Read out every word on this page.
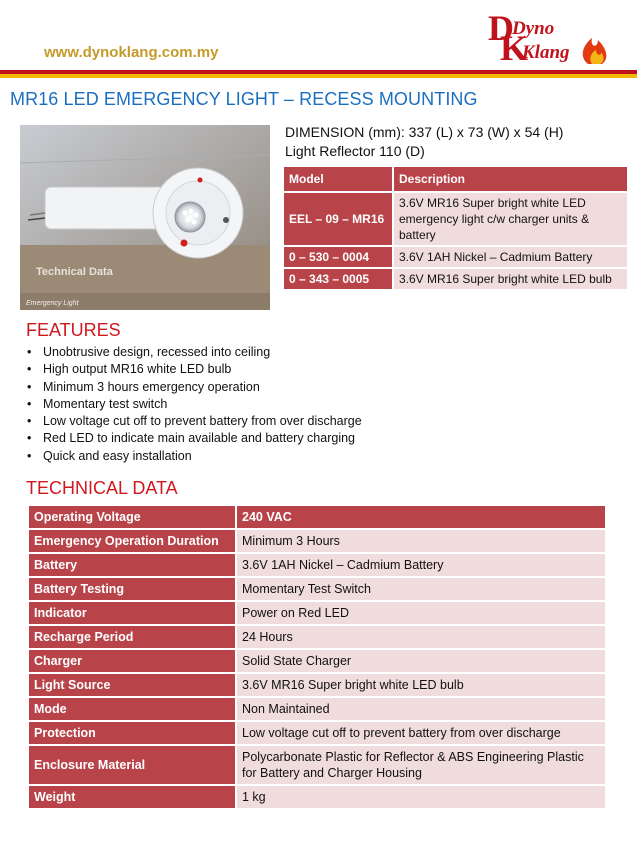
www.dynoklang.com.my
D
Dyno
K
Klang
MR16 LED EMERGENCY LIGHT – RECESS MOUNTING
Technical Data
Emergency Light
DIMENSION (mm): 337 (L) x 73 (W) x 54 (H)
Light Reflector 110 (D)
Model	Description
EEL – 09 – MR16	3.6V MR16 Super bright white LED emergency light c/w charger units & battery
0 – 530 – 0004	3.6V 1AH Nickel – Cadmium Battery
0 – 343 – 0005	3.6V MR16 Super bright white LED bulb
FEATURES
• Unobtrusive design, recessed into ceiling
• High output MR16 white LED bulb
• Minimum 3 hours emergency operation
• Momentary test switch
• Low voltage cut off to prevent battery from over discharge
• Red LED to indicate main available and battery charging
• Quick and easy installation
TECHNICAL DATA
Operating Voltage	240 VAC
Emergency Operation Duration	Minimum 3 Hours
Battery	3.6V 1AH Nickel – Cadmium Battery
Battery Testing	Momentary Test Switch
Indicator	Power on Red LED
Recharge Period	24 Hours
Charger	Solid State Charger
Light Source	3.6V MR16 Super bright white LED bulb
Mode	Non Maintained
Protection	Low voltage cut off to prevent battery from over discharge
Enclosure Material	Polycarbonate Plastic for Reflector & ABS Engineering Plastic for Battery and Charger Housing
Weight	1 kg
